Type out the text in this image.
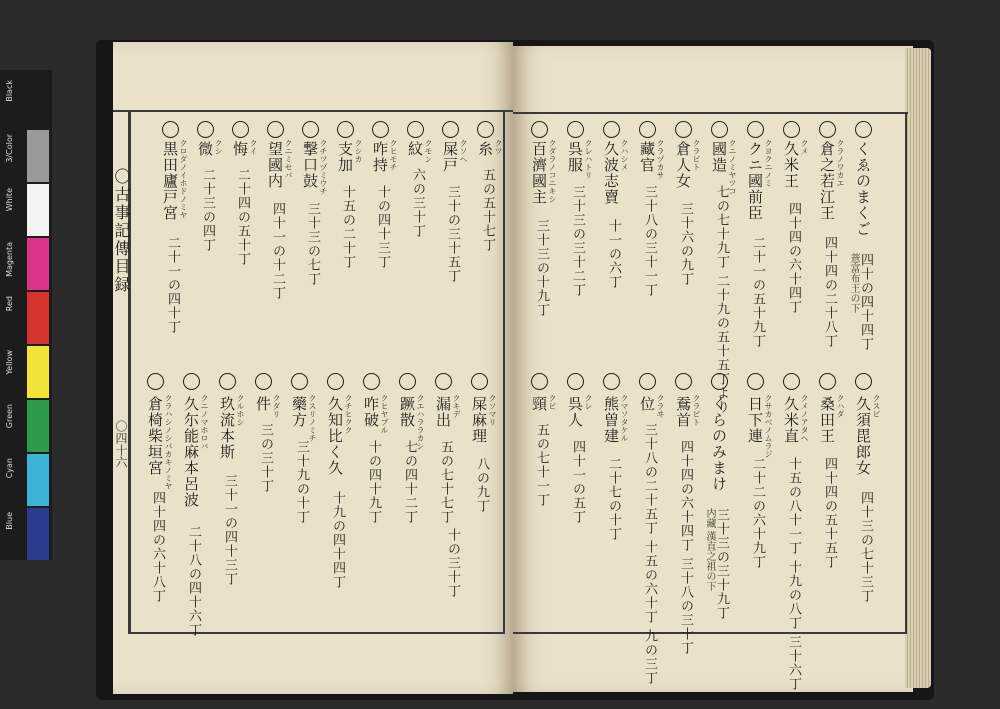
Blue
Cyan
Green
Yellow
Red
Magenta
White
3/Color
Black
〇古事記傳目録
〇四十六
クツ
糸
五の五十七丁
クソヘ
屎戸
三十の三十五丁
クモン
紋
六の三十丁
クヒモチ
咋持
十の四十三丁
クシカ
支加
十五の二十丁
クチツヅミウチ
撃口鼓
三十三の七丁
クニミセバ
望國内
四十一の十二丁
クイ
悔
二十四の五十丁
クシ
微
二十三の四丁
クロダノイホドノミヤ
黒田廬戸宮
二十一の四十丁
クソマリ
屎麻理
八の九丁
クキデ
漏出
五の七十七丁
クエハララカシ
蹶散
七の四十二丁
クヒヤブル
咋破
十の四十九丁
クチヒクク
久知比く久
十九の四十四丁
クスリノミチ
藥方
三十九の十丁
クダリ
件
三の三十丁
クルホシ
玖流本斯
三十一の四十三丁
クニノマホロバ
久尓能麻本呂波
二十八の四十六丁
クラハシノシバカキノミヤ
倉椅柴垣宮
四十四の六十八丁
くゑのまくご
四十の四十四丁
薏富布王の下
クラノワカエ
倉之若江王
四十四の二十八丁
クメ
久米王
四十四の六十四丁
クヨクニノミ
クニ國前臣
二十一の五十九丁
クニノミヤツコ
國造
七の七十九丁 二十九の五十五丁より
クラビト
倉人女
三十六の九丁
クラヅカサ
藏官
三十八の三十一丁
クハシメ
久波志賣
十一の六丁
クレハトリ
呉服
三十三の三十二丁
クダラノコニキシ
百濟國主
三十三の十九丁
クスビ
久須毘郎女
四十三の七十三丁
クハダ
桑田王
四十四の五十五丁
クメノアタヘ
久米直
十五の八十一丁 十九の八丁 三十六丁
クサカベノムラジ
日下連
二十二の六十九丁
くらのみまけ
三十三の三十九丁
内藏 漢直之祖の下
クラビト
鴌首
四十四の六十四丁 三十八の三十丁
クラヰ
位
三十八の二十五丁 十五の六十丁 九の三丁
クマソタケル
熊曽建
二十七の十丁
クレ
呉人
四十一の五丁
クビ
頸
五の七十一丁
十の三十丁
